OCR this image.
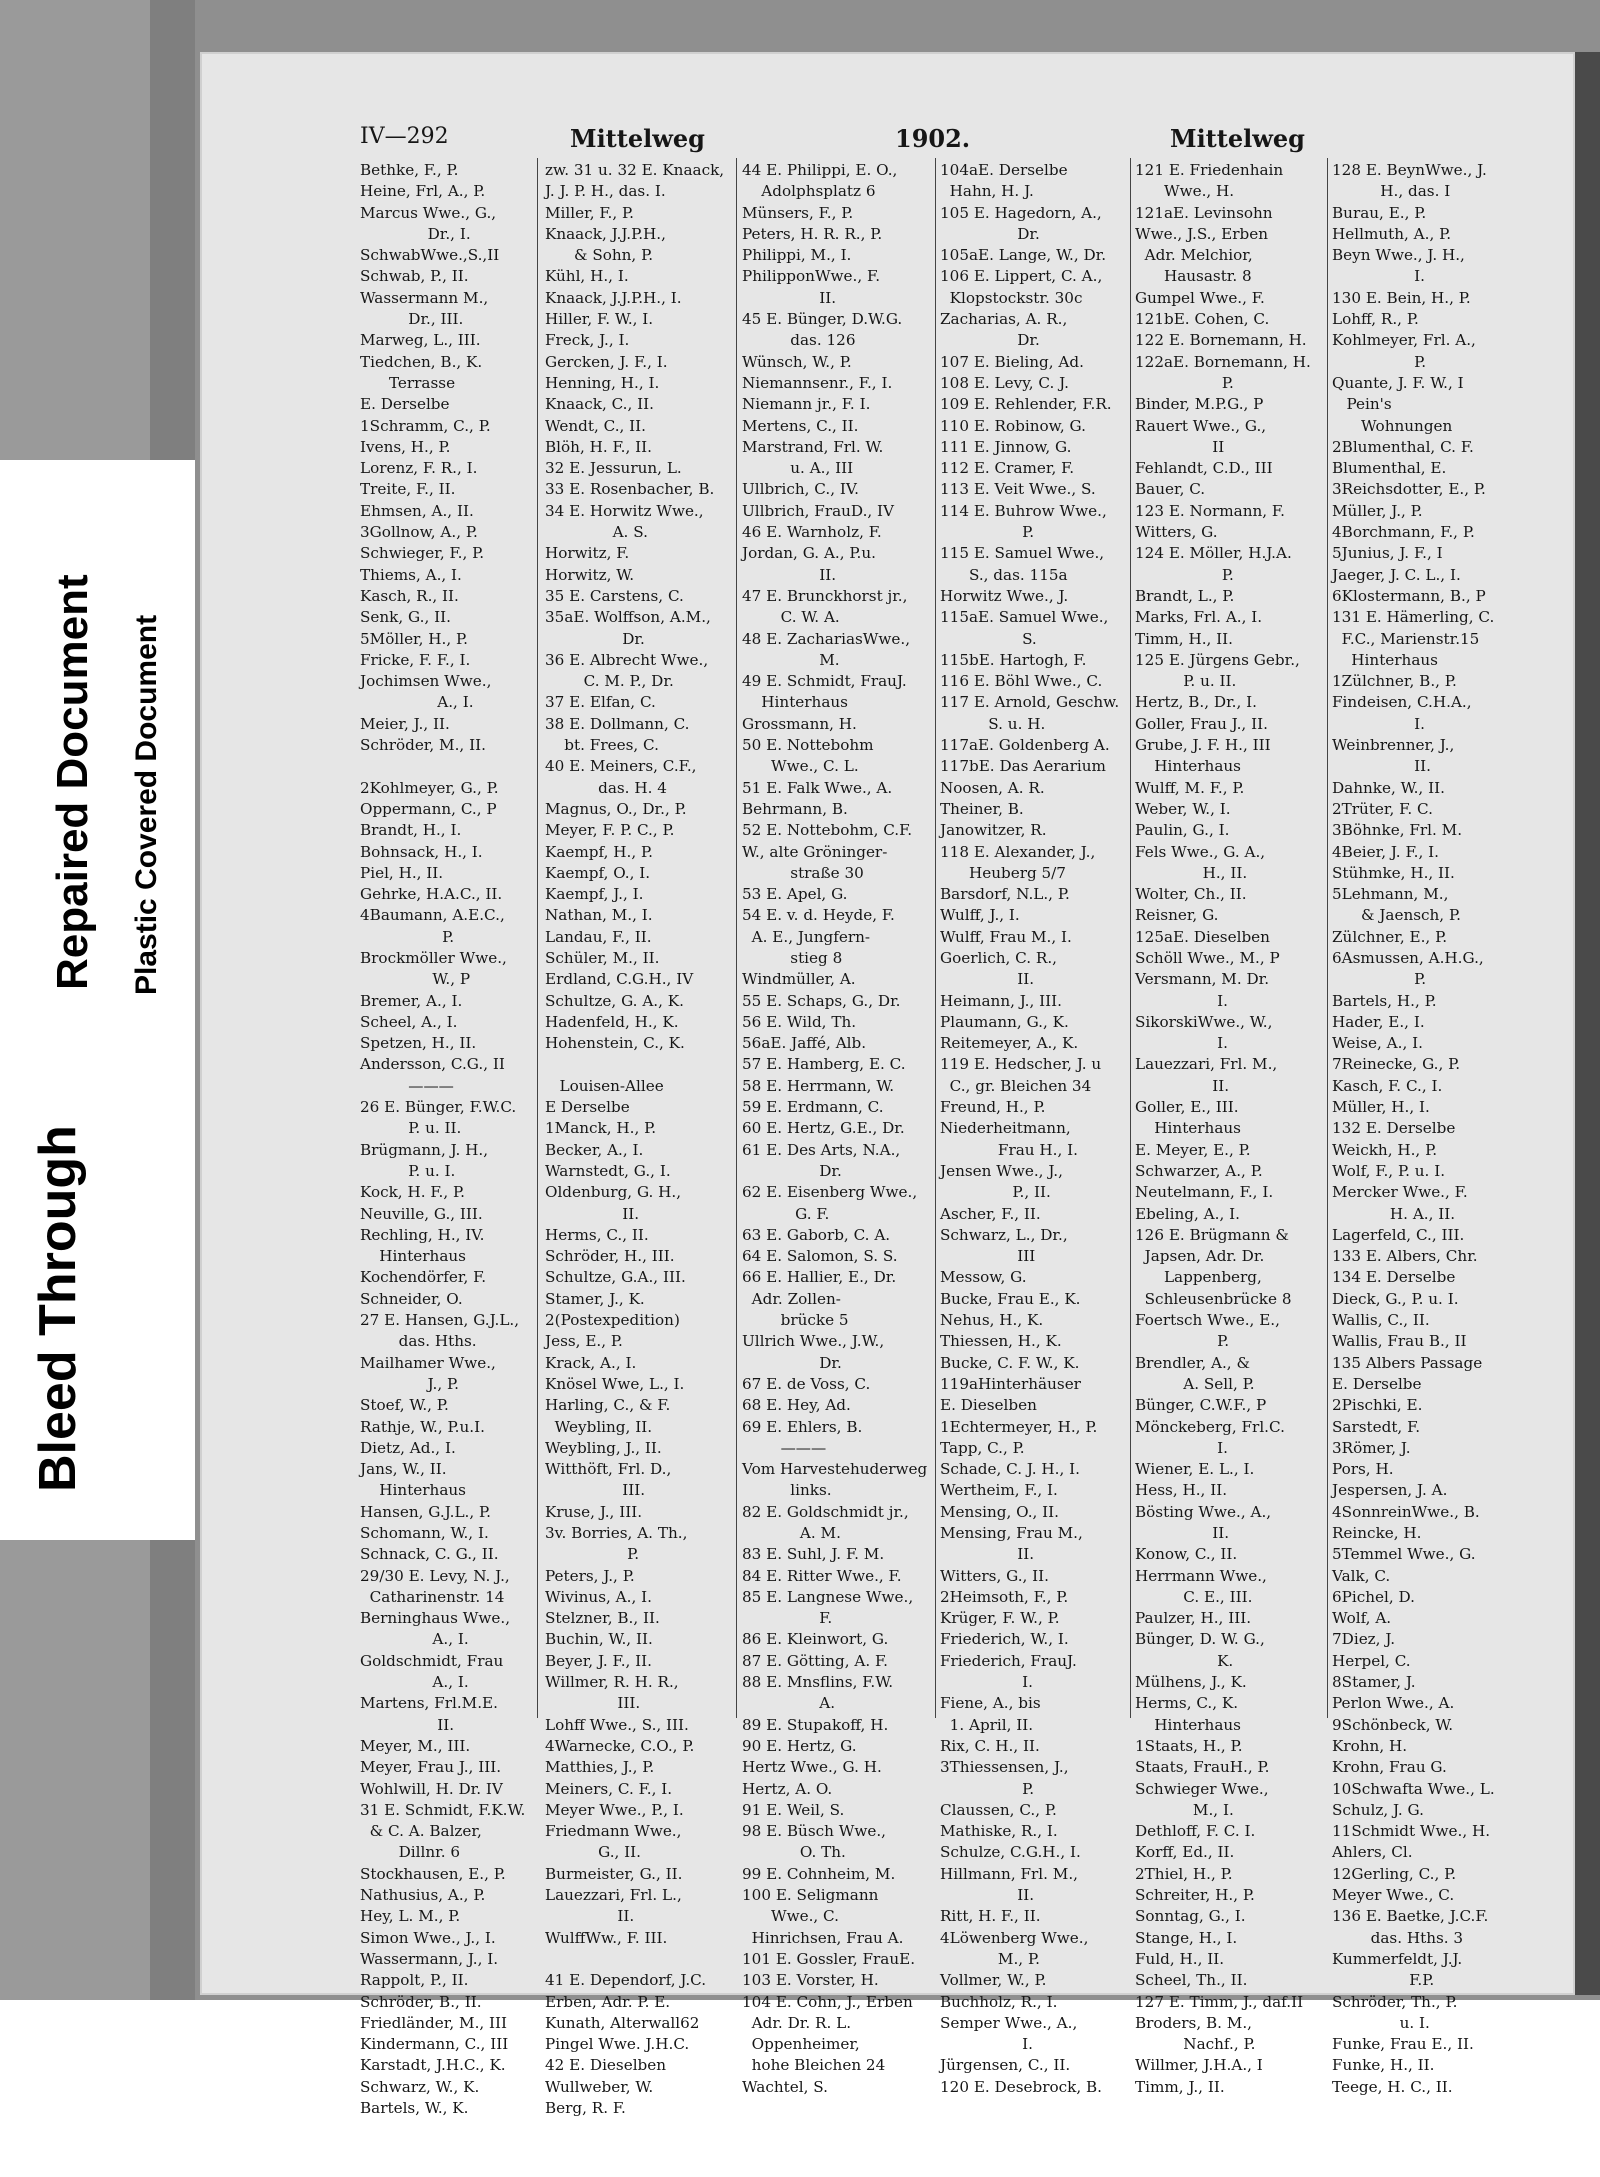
Bleed Through
Repaired Document Plastic Covered Document
IV—292	Mittelweg	1902.	Mittelweg
Bethke, F., P.
Heine, Frl, A., P.
Marcus Wwe., G.,
Dr., I.
SchwabWwe.,S.,II
Schwab, P., II.
Wassermann M.,
Dr., III.
Marweg, L., III.
Tiedchen, B., K.
Terrasse
E. Derselbe
1Schramm, C., P.
Ivens, H., P.
Lorenz, F. R., I.
Treite, F., II.
Ehmsen, A., II.
3Gollnow, A., P.
Schwieger, F., P.
Thiems, A., I.
Kasch, R., II.
Senk, G., II.
5Möller, H., P.
Fricke, F. F., I.
Jochimsen Wwe.,
A., I.
Meier, J., II.
Schröder, M., II.
2Kohlmeyer, G., P.
Oppermann, C., P
Brandt, H., I.
Bohnsack, H., I.
Piel, H., II.
Gehrke, H.A.C., II.
4Baumann, A.E.C.,
P.
Brockmöller Wwe.,
W., P
Bremer, A., I.
Scheel, A., I.
Spetzen, H., II.
Andersson, C.G., II
———
26 E. Bünger, F.W.C.
P. u. II.
Brügmann, J. H.,
P. u. I.
Kock, H. F., P.
Neuville, G., III.
Rechling, H., IV.
Hinterhaus
Kochendörfer, F.
Schneider, O.
27 E. Hansen, G.J.L.,
das. Hths.
Mailhamer Wwe.,
J., P.
Stoef, W., P.
Rathje, W., P.u.I.
Dietz, Ad., I.
Jans, W., II.
Hinterhaus
Hansen, G.J.L., P.
Schomann, W., I.
Schnack, C. G., II.
29/30 E. Levy, N. J.,
Catharinenstr. 14
Berninghaus Wwe.,
A., I.
Goldschmidt, Frau
A., I.
Martens, Frl.M.E.
II.
Meyer, M., III.
Meyer, Frau J., III.
Wohlwill, H. Dr. IV
31 E. Schmidt, F.K.W.
& C. A. Balzer,
Dillnr. 6
Stockhausen, E., P.
Nathusius, A., P.
Hey, L. M., P.
Simon Wwe., J., I.
Wassermann, J., I.
Rappolt, P., II.
Schröder, B., II.
Friedländer, M., III
Kindermann, C., III
Karstadt, J.H.C., K.
Schwarz, W., K.
Bartels, W., K.
zw. 31 u. 32 E. Knaack,
J. J. P. H., das. I.
Miller, F., P.
Knaack, J.J.P.H.,
& Sohn, P.
Kühl, H., I.
Knaack, J.J.P.H., I.
Hiller, F. W., I.
Freck, J., I.
Gercken, J. F., I.
Henning, H., I.
Knaack, C., II.
Wendt, C., II.
Blöh, H. F., II.
32 E. Jessurun, L.
33 E. Rosenbacher, B.
34 E. Horwitz Wwe.,
A. S.
Horwitz, F.
Horwitz, W.
35 E. Carstens, C.
35aE. Wolffson, A.M.,
Dr.
36 E. Albrecht Wwe.,
C. M. P., Dr.
37 E. Elfan, C.
38 E. Dollmann, C.
bt. Frees, C.
40 E. Meiners, C.F.,
das. H. 4
Magnus, O., Dr., P.
Meyer, F. P. C., P.
Kaempf, H., P.
Kaempf, O., I.
Kaempf, J., I.
Nathan, M., I.
Landau, F., II.
Schüler, M., II.
Erdland, C.G.H., IV
Schultze, G. A., K.
Hadenfeld, H., K.
Hohenstein, C., K.
Louisen-Allee
E Derselbe
1Manck, H., P.
Becker, A., I.
Warnstedt, G., I.
Oldenburg, G. H.,
II.
Herms, C., II.
Schröder, H., III.
Schultze, G.A., III.
Stamer, J., K.
2(Postexpedition)
Jess, E., P.
Krack, A., I.
Knösel Wwe, L., I.
Harling, C., & F.
Weybling, II.
Weybling, J., II.
Witthöft, Frl. D.,
III.
Kruse, J., III.
3v. Borries, A. Th.,
P.
Peters, J., P.
Wivinus, A., I.
Stelzner, B., II.
Buchin, W., II.
Beyer, J. F., II.
Willmer, R. H. R.,
III.
Lohff Wwe., S., III.
4Warnecke, C.O., P.
Matthies, J., P.
Meiners, C. F., I.
Meyer Wwe., P., I.
Friedmann Wwe.,
G., II.
Burmeister, G., II.
Lauezzari, Frl. L.,
II.
WulffWw., F. III.
41 E. Dependorf, J.C.
Erben, Adr. P. E.
Kunath, Alterwall62
Pingel Wwe. J.H.C.
42 E. Dieselben
Wullweber, W.
Berg, R. F.
44 E. Philippi, E. O.,
Adolphsplatz 6
Münsers, F., P.
Peters, H. R. R., P.
Philippi, M., I.
PhilipponWwe., F.
II.
45 E. Bünger, D.W.G.
das. 126
Wünsch, W., P.
Niemannsenr., F., I.
Niemann jr., F. I.
Mertens, C., II.
Marstrand, Frl. W.
u. A., III
Ullbrich, C., IV.
Ullbrich, FrauD., IV
46 E. Warnholz, F.
Jordan, G. A., P.u.
II.
47 E. Brunckhorst jr.,
C. W. A.
48 E. ZachariasWwe.,
M.
49 E. Schmidt, FrauJ.
Hinterhaus
Grossmann, H.
50 E. Nottebohm
Wwe., C. L.
51 E. Falk Wwe., A.
Behrmann, B.
52 E. Nottebohm, C.F.
W., alte Gröninger-
straße 30
53 E. Apel, G.
54 E. v. d. Heyde, F.
A. E., Jungfern-
stieg 8
Windmüller, A.
55 E. Schaps, G., Dr.
56 E. Wild, Th.
56aE. Jaffé, Alb.
57 E. Hamberg, E. C.
58 E. Herrmann, W.
59 E. Erdmann, C.
60 E. Hertz, G.E., Dr.
61 E. Des Arts, N.A.,
Dr.
62 E. Eisenberg Wwe.,
G. F.
63 E. Gaborb, C. A.
64 E. Salomon, S. S.
66 E. Hallier, E., Dr.
Adr. Zollen-
brücke 5
Ullrich Wwe., J.W.,
Dr.
67 E. de Voss, C.
68 E. Hey, Ad.
69 E. Ehlers, B.
———
Vom Harvestehuderweg
links.
82 E. Goldschmidt jr.,
A. M.
83 E. Suhl, J. F. M.
84 E. Ritter Wwe., F.
85 E. Langnese Wwe.,
F.
86 E. Kleinwort, G.
87 E. Götting, A. F.
88 E. Mnsflins, F.W.
A.
89 E. Stupakoff, H.
90 E. Hertz, G.
Hertz Wwe., G. H.
Hertz, A. O.
91 E. Weil, S.
98 E. Büsch Wwe.,
O. Th.
99 E. Cohnheim, M.
100 E. Seligmann
Wwe., C.
Hinrichsen, Frau A.
101 E. Gossler, FrauE.
103 E. Vorster, H.
104 E. Cohn, J., Erben
Adr. Dr. R. L.
Oppenheimer,
hohe Bleichen 24
Wachtel, S.
104aE. Derselbe
Hahn, H. J.
105 E. Hagedorn, A.,
Dr.
105aE. Lange, W., Dr.
106 E. Lippert, C. A.,
Klopstockstr. 30c
Zacharias, A. R.,
Dr.
107 E. Bieling, Ad.
108 E. Levy, C. J.
109 E. Rehlender, F.R.
110 E. Robinow, G.
111 E. Jinnow, G.
112 E. Cramer, F.
113 E. Veit Wwe., S.
114 E. Buhrow Wwe.,
P.
115 E. Samuel Wwe.,
S., das. 115a
Horwitz Wwe., J.
115aE. Samuel Wwe.,
S.
115bE. Hartogh, F.
116 E. Böhl Wwe., C.
117 E. Arnold, Geschw.
S. u. H.
117aE. Goldenberg A.
117bE. Das Aerarium
Noosen, A. R.
Theiner, B.
Janowitzer, R.
118 E. Alexander, J.,
Heuberg 5/7
Barsdorf, N.L., P.
Wulff, J., I.
Wulff, Frau M., I.
Goerlich, C. R.,
II.
Heimann, J., III.
Plaumann, G., K.
Reitemeyer, A., K.
119 E. Hedscher, J. u
C., gr. Bleichen 34
Freund, H., P.
Niederheitmann,
Frau H., I.
Jensen Wwe., J.,
P., II.
Ascher, F., II.
Schwarz, L., Dr.,
III
Messow, G.
Bucke, Frau E., K.
Nehus, H., K.
Thiessen, H., K.
Bucke, C. F. W., K.
119aHinterhäuser
E. Dieselben
1Echtermeyer, H., P.
Tapp, C., P.
Schade, C. J. H., I.
Wertheim, F., I.
Mensing, O., II.
Mensing, Frau M.,
II.
Witters, G., II.
2Heimsoth, F., P.
Krüger, F. W., P.
Friederich, W., I.
Friederich, FrauJ.
I.
Fiene, A., bis
1. April, II.
Rix, C. H., II.
3Thiessensen, J.,
P.
Claussen, C., P.
Mathiske, R., I.
Schulze, C.G.H., I.
Hillmann, Frl. M.,
II.
Ritt, H. F., II.
4Löwenberg Wwe.,
M., P.
Vollmer, W., P.
Buchholz, R., I.
Semper Wwe., A.,
I.
Jürgensen, C., II.
120 E. Desebrock, B.
121 E. Friedenhain
Wwe., H.
121aE. Levinsohn
Wwe., J.S., Erben
Adr. Melchior,
Hausastr. 8
Gumpel Wwe., F.
121bE. Cohen, C.
122 E. Bornemann, H.
122aE. Bornemann, H.
P.
Binder, M.P.G., P
Rauert Wwe., G.,
II
Fehlandt, C.D., III
Bauer, C.
123 E. Normann, F.
Witters, G.
124 E. Möller, H.J.A.
P.
Brandt, L., P.
Marks, Frl. A., I.
Timm, H., II.
125 E. Jürgens Gebr.,
P. u. II.
Hertz, B., Dr., I.
Goller, Frau J., II.
Grube, J. F. H., III
Hinterhaus
Wulff, M. F., P.
Weber, W., I.
Paulin, G., I.
Fels Wwe., G. A.,
H., II.
Wolter, Ch., II.
Reisner, G.
125aE. Dieselben
Schöll Wwe., M., P
Versmann, M. Dr.
I.
SikorskiWwe., W.,
I.
Lauezzari, Frl. M.,
II.
Goller, E., III.
Hinterhaus
E. Meyer, E., P.
Schwarzer, A., P.
Neutelmann, F., I.
Ebeling, A., I.
126 E. Brügmann &
Japsen, Adr. Dr.
Lappenberg,
Schleusenbrücke 8
Foertsch Wwe., E.,
P.
Brendler, A., &
A. Sell, P.
Bünger, C.W.F., P
Mönckeberg, Frl.C.
I.
Wiener, E. L., I.
Hess, H., II.
Bösting Wwe., A.,
II.
Konow, C., II.
Herrmann Wwe.,
C. E., III.
Paulzer, H., III.
Bünger, D. W. G.,
K.
Mülhens, J., K.
Herms, C., K.
Hinterhaus
1Staats, H., P.
Staats, FrauH., P.
Schwieger Wwe.,
M., I.
Dethloff, F. C. I.
Korff, Ed., II.
2Thiel, H., P.
Schreiter, H., P.
Sonntag, G., I.
Stange, H., I.
Fuld, H., II.
Scheel, Th., II.
127 E. Timm, J., daf.II
Broders, B. M.,
Nachf., P.
Willmer, J.H.A., I
Timm, J., II.
128 E. BeynWwe., J.
H., das. I
Burau, E., P.
Hellmuth, A., P.
Beyn Wwe., J. H.,
I.
130 E. Bein, H., P.
Lohff, R., P.
Kohlmeyer, Frl. A.,
P.
Quante, J. F. W., I
Pein's
Wohnungen
2Blumenthal, C. F.
Blumenthal, E.
3Reichsdotter, E., P.
Müller, J., P.
4Borchmann, F., P.
5Junius, J. F., I
Jaeger, J. C. L., I.
6Klostermann, B., P
131 E. Hämerling, C.
F.C., Marienstr.15
Hinterhaus
1Zülchner, B., P.
Findeisen, C.H.A.,
I.
Weinbrenner, J.,
II.
Dahnke, W., II.
2Trüter, F. C.
3Böhnke, Frl. M.
4Beier, J. F., I.
Stühmke, H., II.
5Lehmann, M.,
& Jaensch, P.
Zülchner, E., P.
6Asmussen, A.H.G.,
P.
Bartels, H., P.
Hader, E., I.
Weise, A., I.
7Reinecke, G., P.
Kasch, F. C., I.
Müller, H., I.
132 E. Derselbe
Weickh, H., P.
Wolf, F., P. u. I.
Mercker Wwe., F.
H. A., II.
Lagerfeld, C., III.
133 E. Albers, Chr.
134 E. Derselbe
Dieck, G., P. u. I.
Wallis, C., II.
Wallis, Frau B., II
135 Albers Passage
E. Derselbe
2Pischki, E.
Sarstedt, F.
3Römer, J.
Pors, H.
Jespersen, J. A.
4SonnreinWwe., B.
Reincke, H.
5Temmel Wwe., G.
Valk, C.
6Pichel, D.
Wolf, A.
7Diez, J.
Herpel, C.
8Stamer, J.
Perlon Wwe., A.
9Schönbeck, W.
Krohn, H.
Krohn, Frau G.
10Schwafta Wwe., L.
Schulz, J. G.
11Schmidt Wwe., H.
Ahlers, Cl.
12Gerling, C., P.
Meyer Wwe., C.
136 E. Baetke, J.C.F.
das. Hths. 3
Kummerfeldt, J.J.
F.P.
Schröder, Th., P.
u. I.
Funke, Frau E., II.
Funke, H., II.
Teege, H. C., II.
